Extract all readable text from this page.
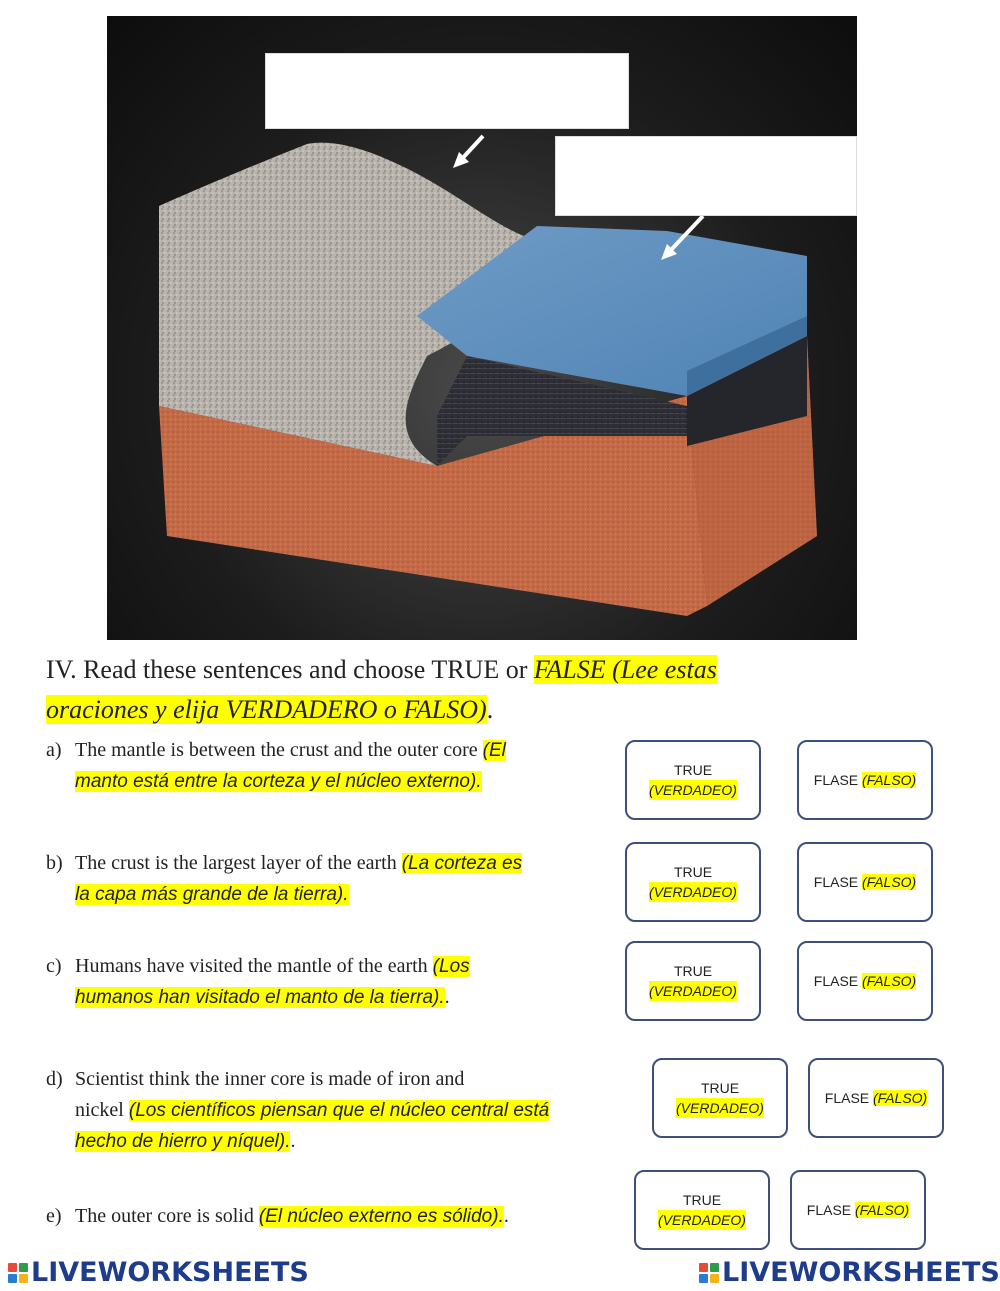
IV. Read these sentences and choose TRUE or FALSE (Lee estas
oraciones y elija VERDADERO o FALSO).
a) The mantle is between the crust and the outer core (El
manto está entre la corteza y el núcleo externo).
b) The crust is the largest layer of the earth (La corteza es
la capa más grande de la tierra).
c) Humans have visited the mantle of the earth (Los
humanos han visitado el manto de la tierra)..
d) Scientist think the inner core is made of iron and
nickel (Los científicos piensan que el núcleo central está
hecho de hierro y níquel)..
e) The outer core is solid (El núcleo externo es sólido)..
TRUE
(VERDADEO)
FLASE (FALSO)
TRUE
(VERDADEO)
FLASE (FALSO)
TRUE
(VERDADEO)
FLASE (FALSO)
TRUE
(VERDADEO)
FLASE (FALSO)
TRUE
(VERDADEO)
FLASE (FALSO)
LIVEWORKSHEETS	LIVEWORKSHEETS
